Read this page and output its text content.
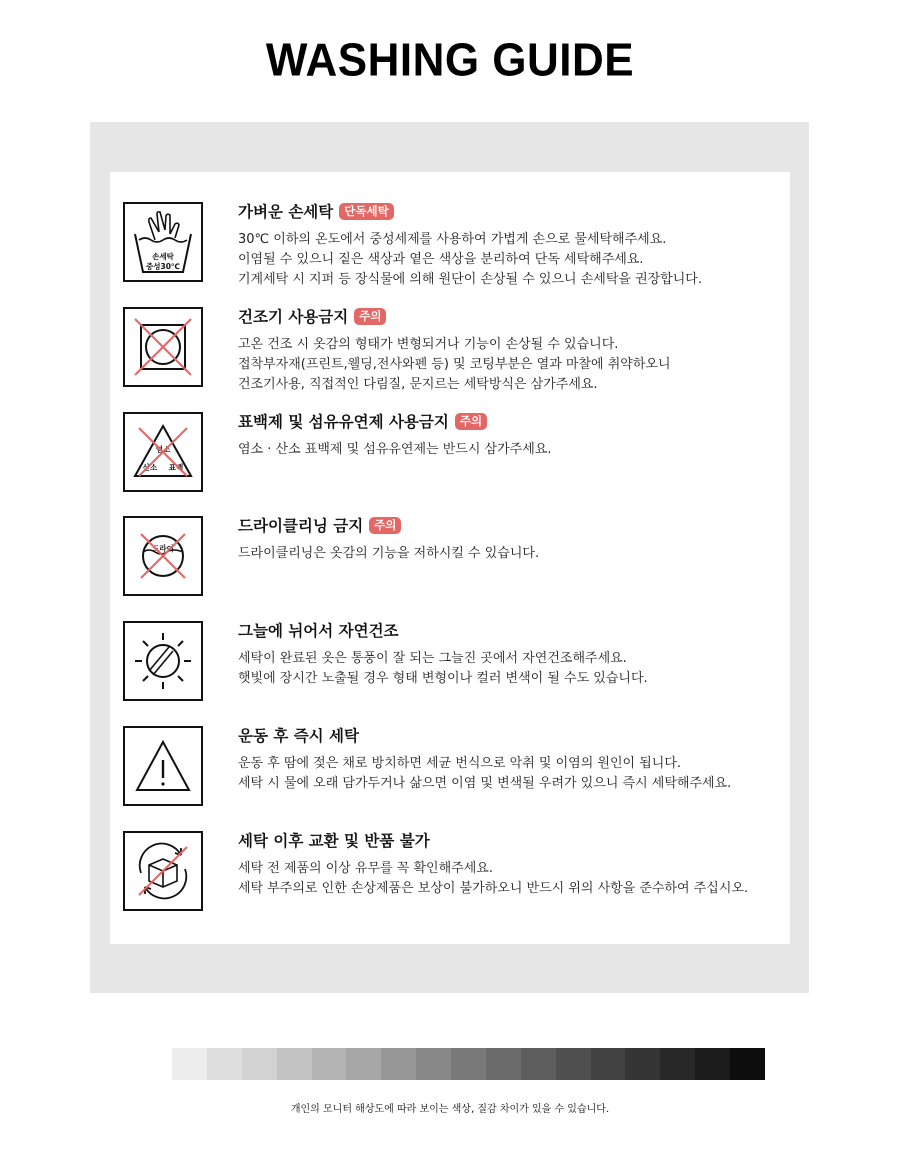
WASHING GUIDE
손세탁
중성30℃
가벼운 손세탁 단독세탁
30℃ 이하의 온도에서 중성세제를 사용하여 가볍게 손으로 물세탁해주세요.
이염될 수 있으니 짙은 색상과 옅은 색상을 분리하여 단독 세탁해주세요.
기계세탁 시 지퍼 등 장식물에 의해 원단이 손상될 수 있으니 손세탁을 권장합니다.
건조기 사용금지 주의
고온 건조 시 옷감의 형태가 변형되거나 기능이 손상될 수 있습니다.
접착부자재(프린트,웰딩,전사와펜 등) 및 코팅부분은 열과 마찰에 취약하오니
건조기사용, 직접적인 다림질, 문지르는 세탁방식은 삼가주세요.
염소
산소 표백
표백제 및 섬유유연제 사용금지 주의
염소 · 산소 표백제 및 섬유유연제는 반드시 삼가주세요.
드라이
드라이클리닝 금지 주의
드라이클리닝은 옷감의 기능을 저하시킬 수 있습니다.
그늘에 뉘어서 자연건조
세탁이 완료된 옷은 통풍이 잘 되는 그늘진 곳에서 자연건조해주세요.
햇빛에 장시간 노출될 경우 형태 변형이나 컬러 변색이 될 수도 있습니다.
운동 후 즉시 세탁
운동 후 땀에 젖은 채로 방치하면 세균 번식으로 악취 및 이염의 원인이 됩니다.
세탁 시 물에 오래 담가두거나 삶으면 이염 및 변색될 우려가 있으니 즉시 세탁해주세요.
세탁 이후 교환 및 반품 불가
세탁 전 제품의 이상 유무를 꼭 확인해주세요.
세탁 부주의로 인한 손상제품은 보상이 불가하오니 반드시 위의 사항을 준수하여 주십시오.
개인의 모니터 해상도에 따라 보이는 색상, 질감 차이가 있을 수 있습니다.
